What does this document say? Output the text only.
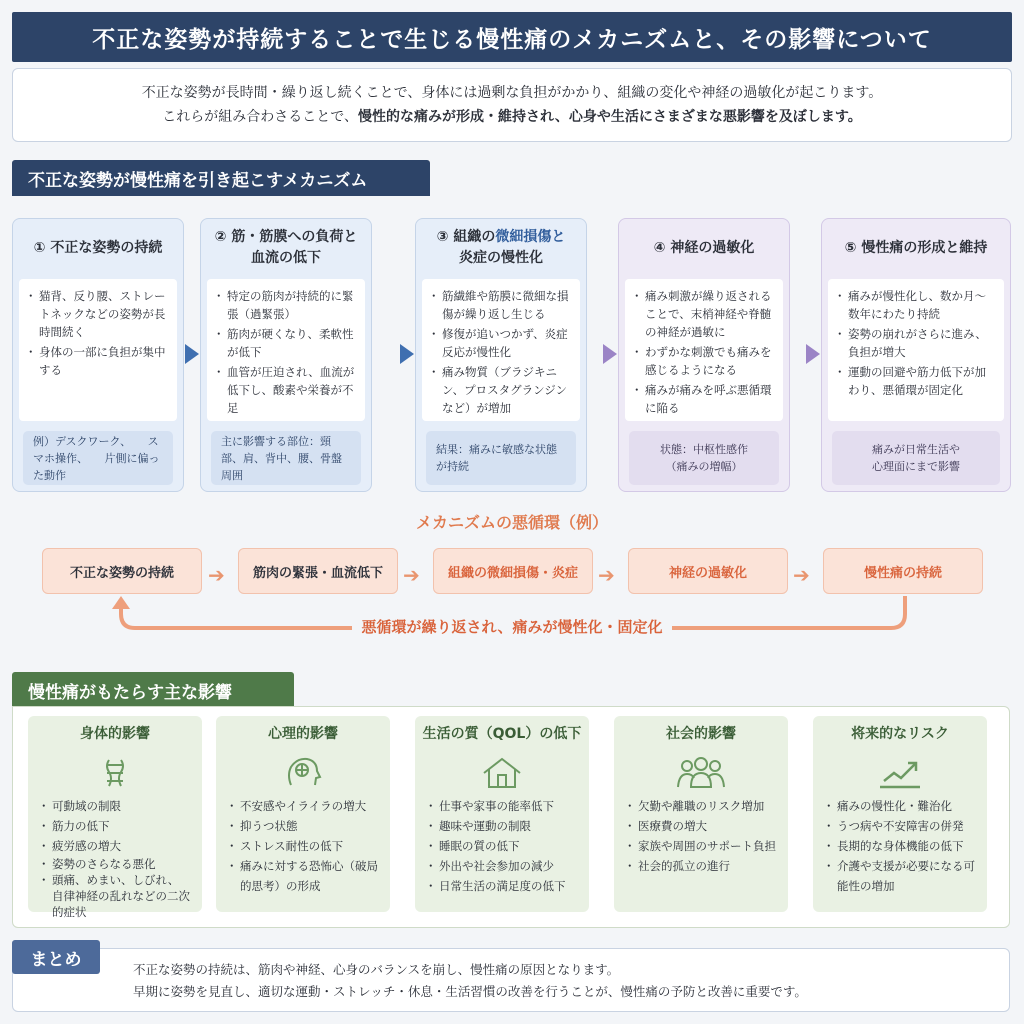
不正な姿勢が持続することで生じる慢性痛のメカニズムと、その影響について
不正な姿勢が長時間・繰り返し続くことで、身体には過剰な負担がかかり、組織の変化や神経の過敏化が起こります。
これらが組み合わさることで、慢性的な痛みが形成・維持され、心身や生活にさまざまな悪影響を及ぼします。
不正な姿勢が慢性痛を引き起こすメカニズム
① 不正な姿勢の持続
・ 猫背、反り腰、ストレートネックなどの姿勢が長時間続く
・ 身体の一部に負担が集中する
例）デスクワーク、　　スマホ操作、　　片側に偏った動作
② 筋・筋膜への負荷と
血流の低下
・ 特定の筋肉が持続的に緊張（過緊張）
・ 筋肉が硬くなり、柔軟性が低下
・ 血管が圧迫され、血流が低下し、酸素や栄養が不足
主に影響する部位：頸部、肩、背中、腰、骨盤周囲
③ 組織の微細損傷と
炎症の慢性化
・ 筋繊維や筋膜に微細な損傷が繰り返し生じる
・ 修復が追いつかず、炎症反応が慢性化
・ 痛み物質（ブラジキニン、プロスタグランジンなど）が増加
結果：痛みに敏感な状態が持続
④ 神経の過敏化
・ 痛み刺激が繰り返されることで、末梢神経や脊髄の神経が過敏に
・ わずかな刺激でも痛みを感じるようになる
・ 痛みが痛みを呼ぶ悪循環に陥る
状態：中枢性感作
（痛みの増幅）
⑤ 慢性痛の形成と維持
・ 痛みが慢性化し、数か月〜数年にわたり持続
・ 姿勢の崩れがさらに進み、負担が増大
・ 運動の回避や筋力低下が加わり、悪循環が固定化
痛みが日常生活や
心理面にまで影響
メカニズムの悪循環（例）
不正な姿勢の持続	➔	筋肉の緊張・血流低下	➔	組織の微細損傷・炎症	➔	神経の過敏化	➔	慢性痛の持続
悪循環が繰り返され、痛みが慢性化・固定化
慢性痛がもたらす主な影響
身体的影響
・ 可動域の制限
・ 筋力の低下
・ 疲労感の増大
・ 姿勢のさらなる悪化
・ 頭痛、めまい、しびれ、自律神経の乱れなどの二次的症状
心理的影響
・ 不安感やイライラの増大
・ 抑うつ状態
・ ストレス耐性の低下
・ 痛みに対する恐怖心（破局的思考）の形成
生活の質（QOL）の低下
・ 仕事や家事の能率低下
・ 趣味や運動の制限
・ 睡眠の質の低下
・ 外出や社会参加の減少
・ 日常生活の満足度の低下
社会的影響
・ 欠勤や離職のリスク増加
・ 医療費の増大
・ 家族や周囲のサポート負担
・ 社会的孤立の進行
将来的なリスク
・ 痛みの慢性化・難治化
・ うつ病や不安障害の併発
・ 長期的な身体機能の低下
・ 介護や支援が必要になる可能性の増加
不正な姿勢の持続は、筋肉や神経、心身のバランスを崩し、慢性痛の原因となります。
早期に姿勢を見直し、適切な運動・ストレッチ・休息・生活習慣の改善を行うことが、慢性痛の予防と改善に重要です。
まとめ
